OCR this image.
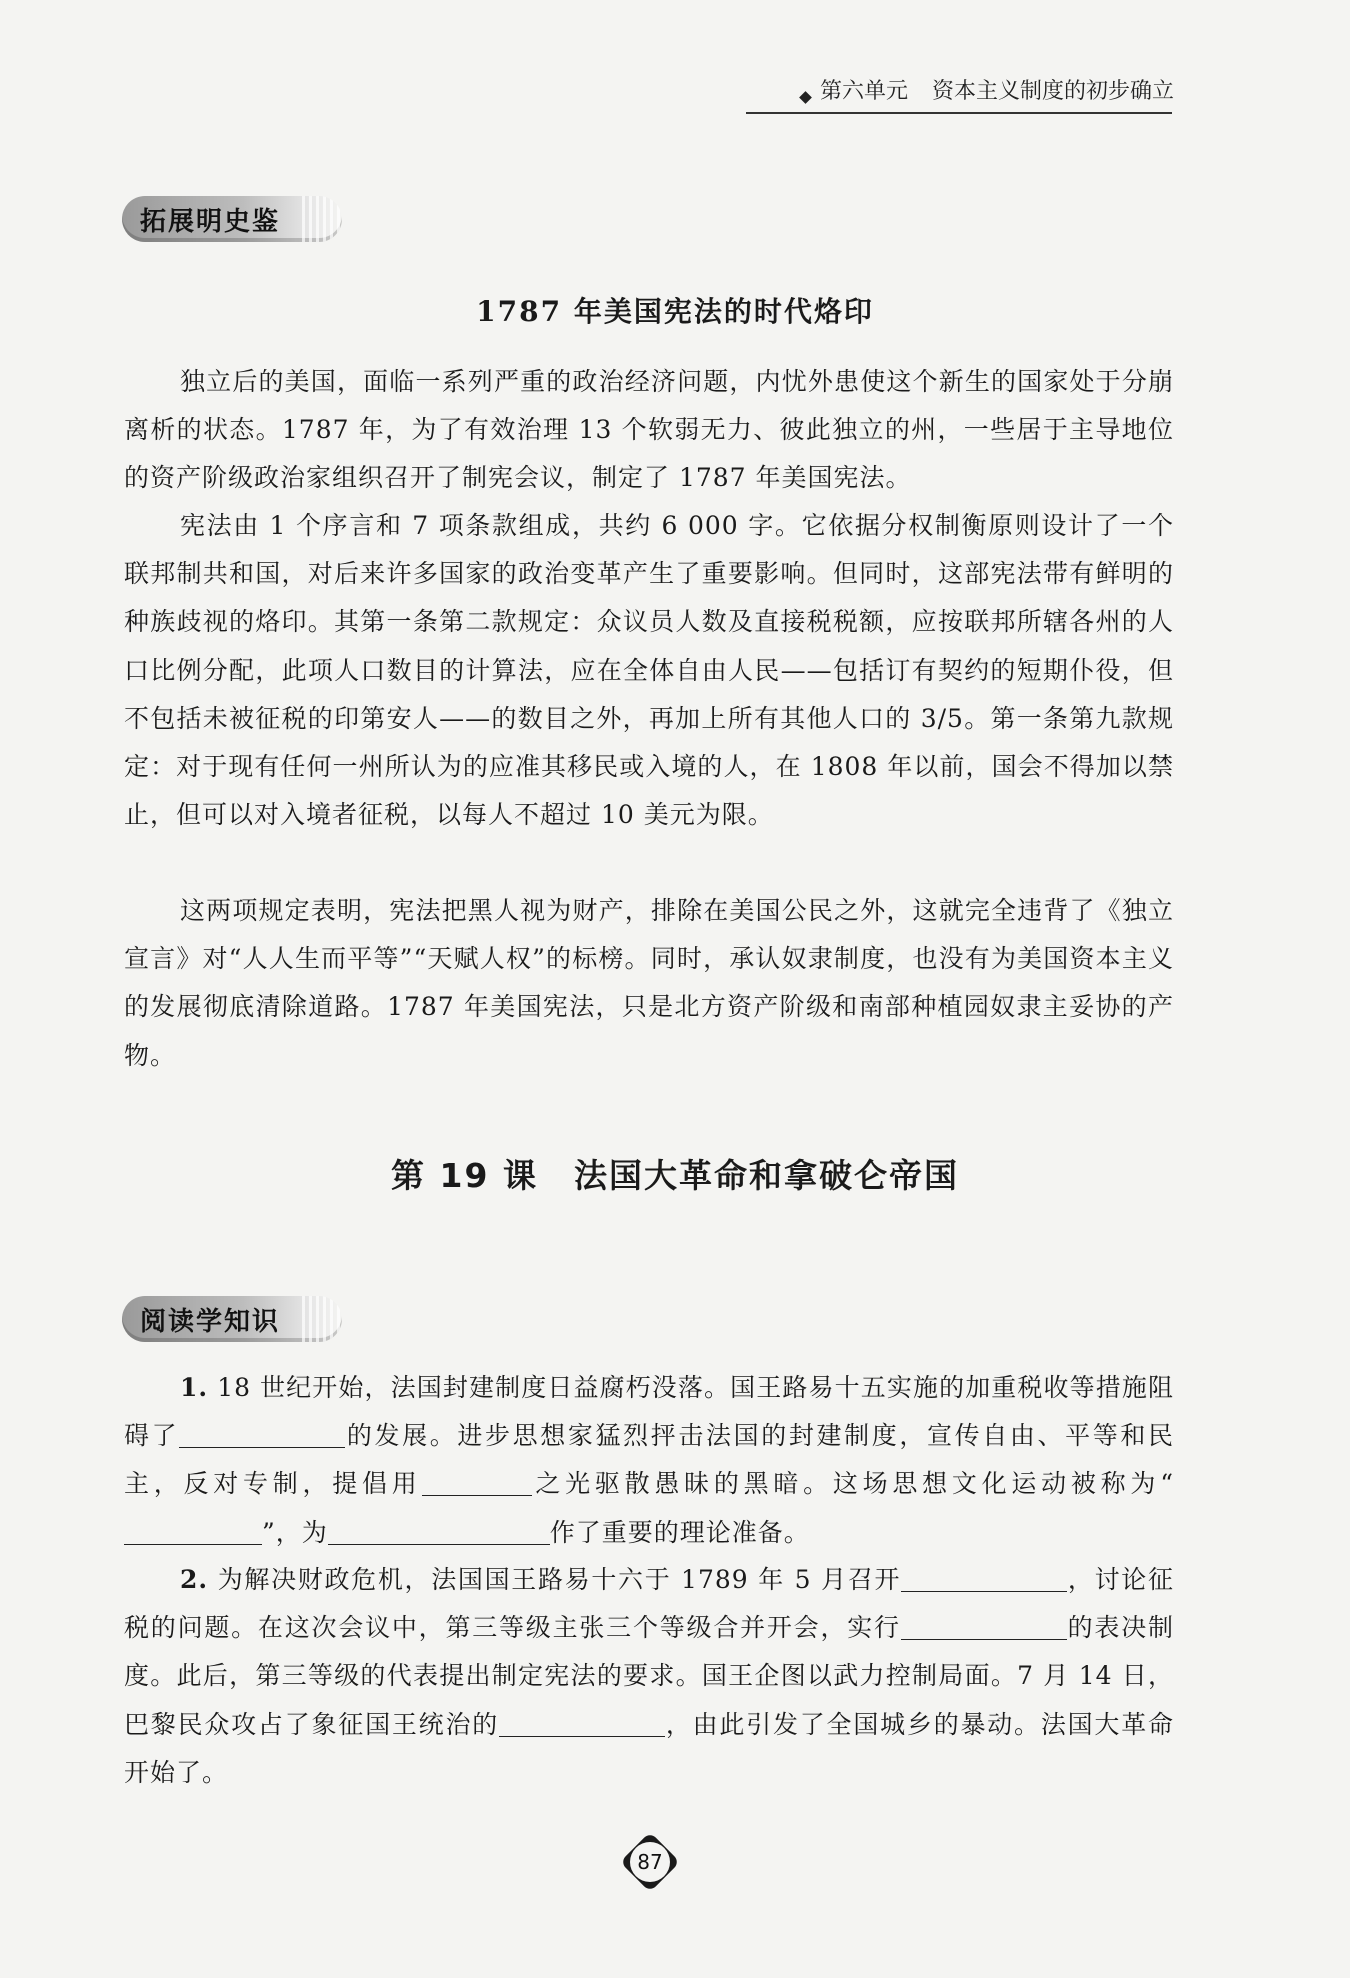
第六单元 资本主义制度的初步确立
拓展明史鉴
1787 年美国宪法的时代烙印

独立后的美国，面临一系列严重的政治经济问题，内忧外患使这个新生的国家处于分崩离析的状态。1787 年，为了有效治理 13 个软弱无力、彼此独立的州，一些居于主导地位的资产阶级政治家组织召开了制宪会议，制定了 1787 年美国宪法。

宪法由 1 个序言和 7 项条款组成，共约 6 000 字。它依据分权制衡原则设计了一个联邦制共和国，对后来许多国家的政治变革产生了重要影响。但同时，这部宪法带有鲜明的种族歧视的烙印。其第一条第二款规定：众议员人数及直接税税额，应按联邦所辖各州的人口比例分配，此项人口数目的计算法，应在全体自由人民——包括订有契约的短期仆役，但不包括未被征税的印第安人——的数目之外，再加上所有其他人口的 3/5。第一条第九款规定：对于现有任何一州所认为的应准其移民或入境的人，在 1808 年以前，国会不得加以禁止，但可以对入境者征税，以每人不超过 10 美元为限。

这两项规定表明，宪法把黑人视为财产，排除在美国公民之外，这就完全违背了《独立宣言》对“人人生而平等”“天赋人权”的标榜。同时，承认奴隶制度，也没有为美国资本主义的发展彻底清除道路。1787 年美国宪法，只是北方资产阶级和南部种植园奴隶主妥协的产物。

第 19 课 法国大革命和拿破仑帝国
阅读学知识

1. 18 世纪开始，法国封建制度日益腐朽没落。国王路易十五实施的加重税收等措施阻碍了	的发展。进步思想家猛烈抨击法国的封建制度，宣传自由、平等和民主，反对专制，提倡用	之光驱散愚昧的黑暗。这场思想文化运动被称为“”，为	作了重要的理论准备。

2. 为解决财政危机，法国国王路易十六于 1789 年 5 月召开	，讨论征税的问题。在这次会议中，第三等级主张三个等级合并开会，实行	的表决制度。此后，第三等级的代表提出制定宪法的要求。国王企图以武力控制局面。7 月 14 日，巴黎民众攻占了象征国王统治的	，由此引发了全国城乡的暴动。法国大革命开始了。

87
